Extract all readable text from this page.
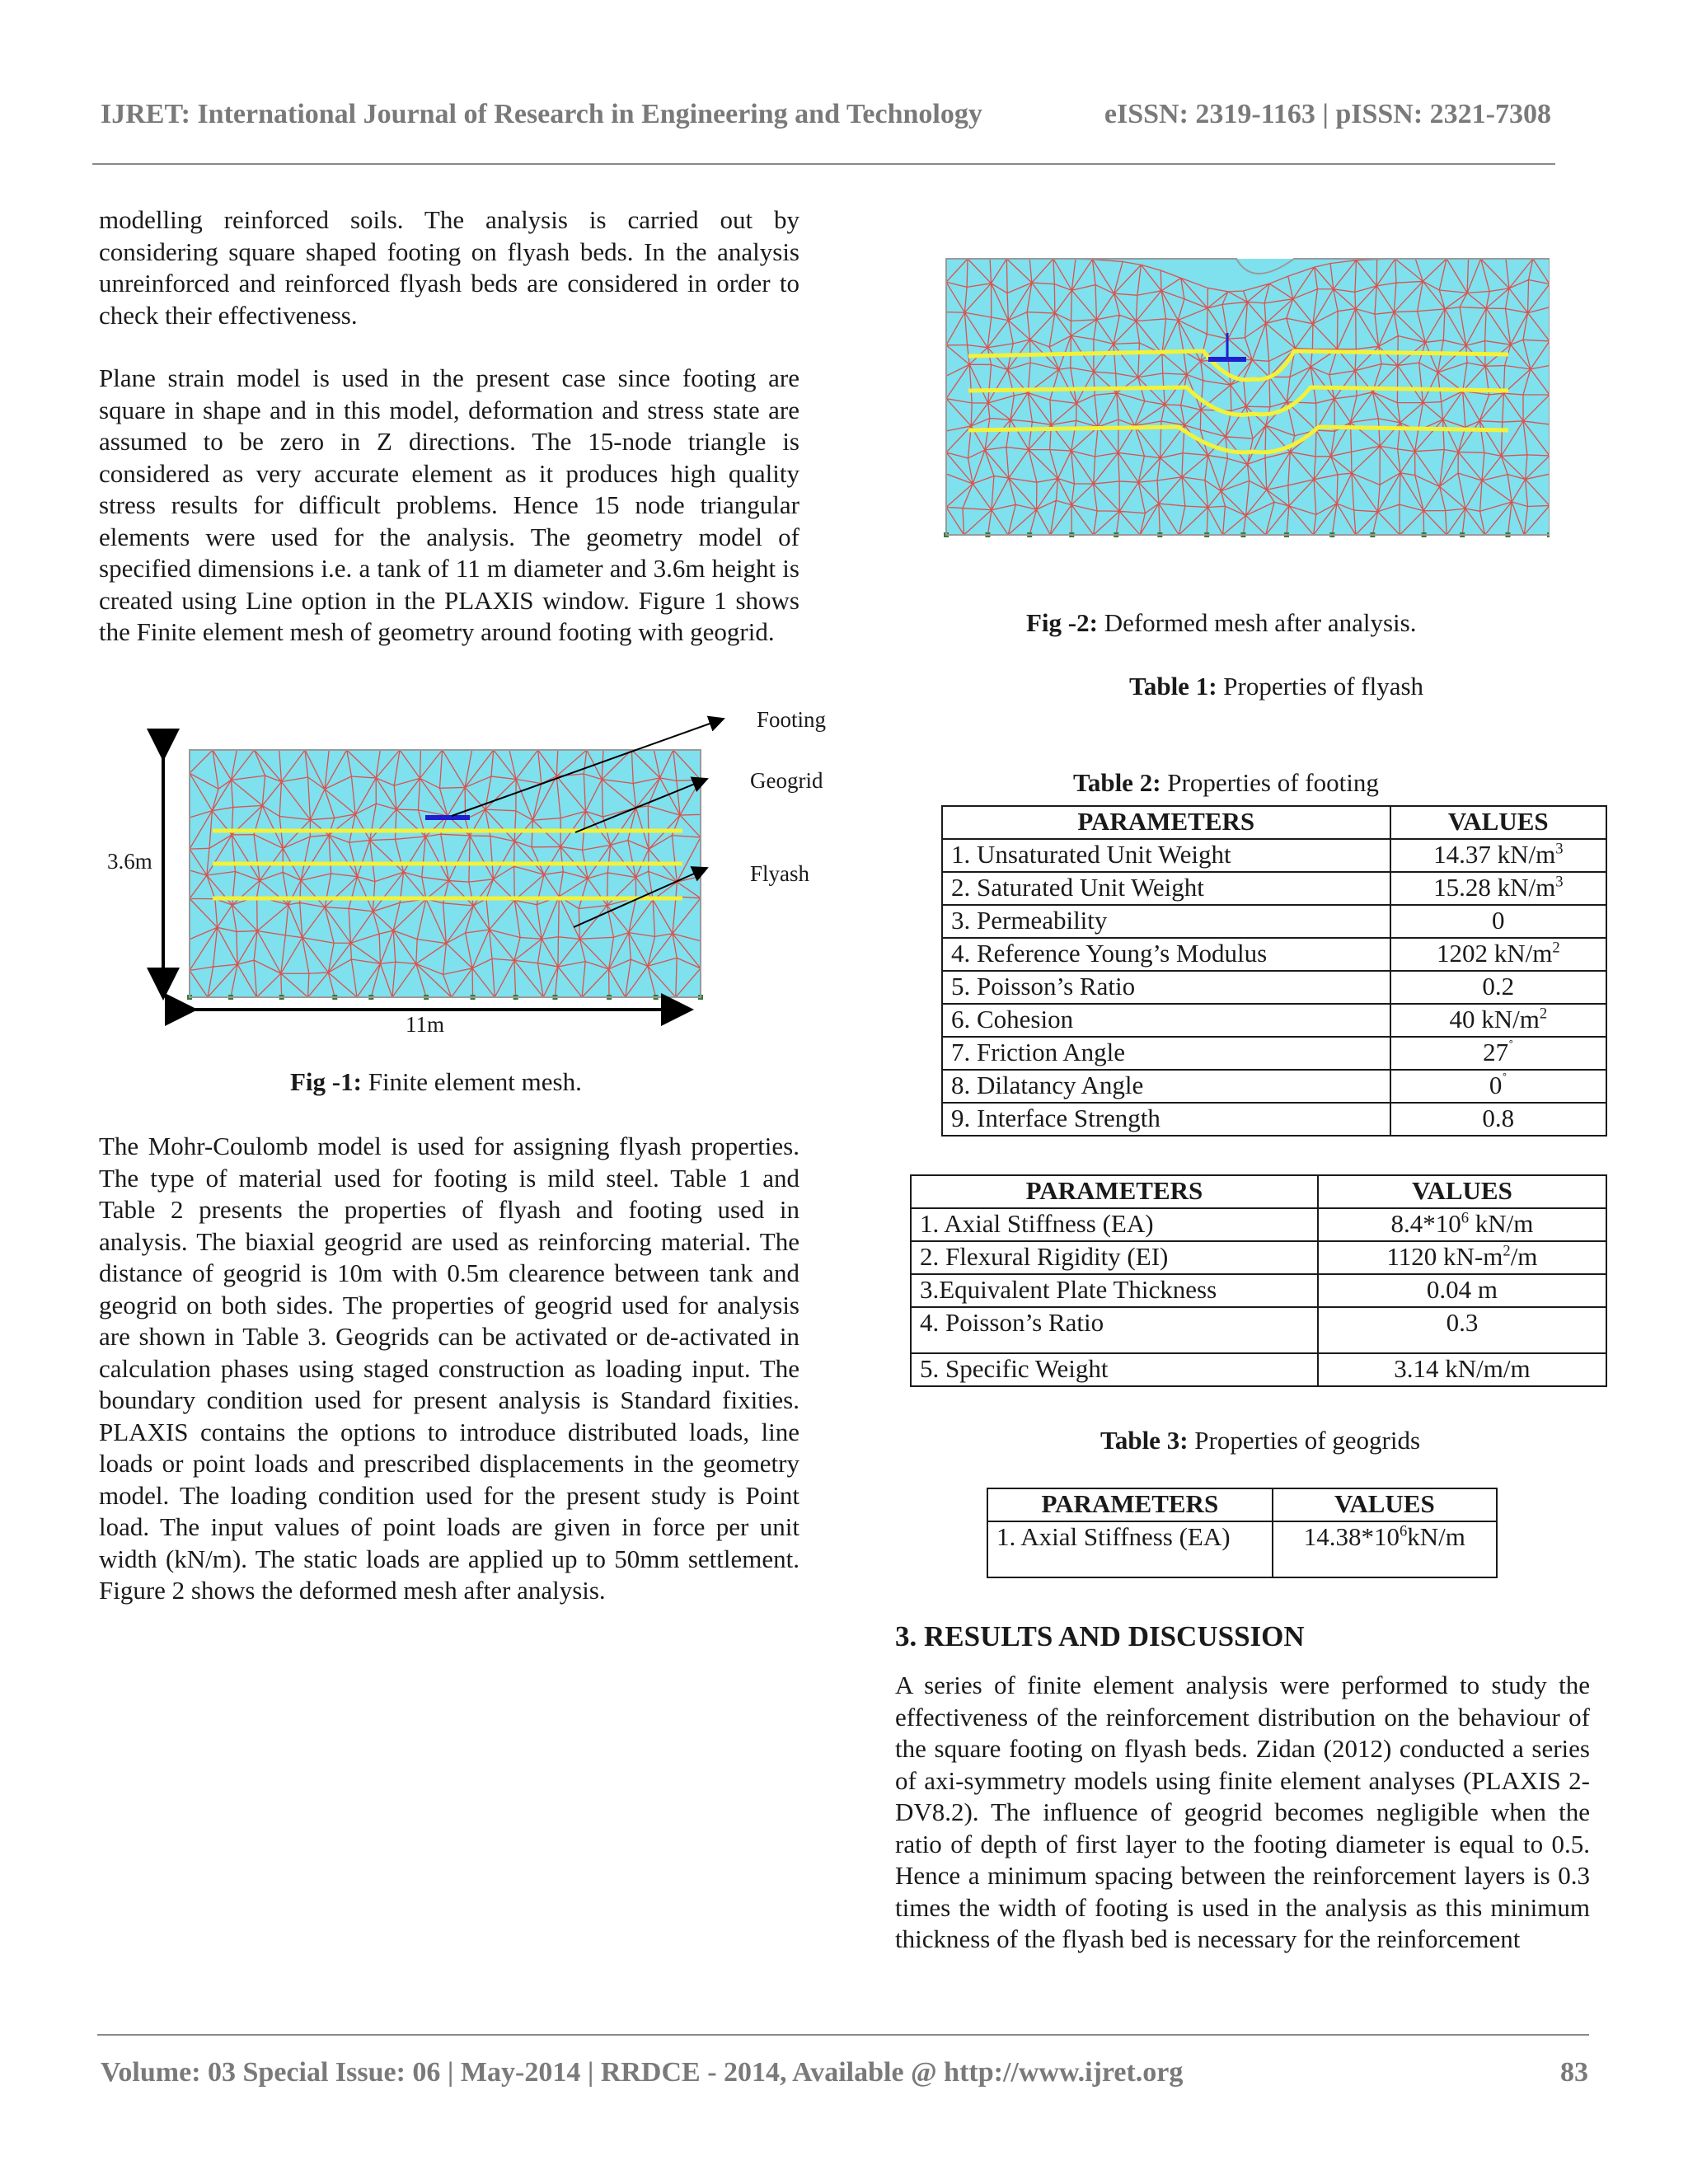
IJRET: International Journal of Research in Engineering and Technology	eISSN: 2319-1163 | pISSN: 2321-7308

modelling reinforced soils. The analysis is carried out by considering square shaped footing on flyash beds. In the analysis unreinforced and reinforced flyash beds are considered in order to check their effectiveness.

Plane strain model is used in the present case since footing are square in shape and in this model, deformation and stress state are assumed to be zero in Z directions. The 15-node triangle is considered as very accurate element as it produces high quality stress results for difficult problems. Hence 15 node triangular elements were used for the analysis. The geometry model of specified dimensions i.e. a tank of 11 m diameter and 3.6m height is created using Line option in the PLAXIS window. Figure 1 shows the Finite element mesh of geometry around footing with geogrid.

Footing
Geogrid
Flyash
3.6m
11m
Fig -1: Finite element mesh.

The Mohr-Coulomb model is used for assigning flyash properties. The type of material used for footing is mild steel. Table 1 and Table 2 presents the properties of flyash and footing used in analysis. The biaxial geogrid are used as reinforcing material. The distance of geogrid is 10m with 0.5m clearence between tank and geogrid on both sides. The properties of geogrid used for analysis are shown in Table 3. Geogrids can be activated or de-activated in calculation phases using staged construction as loading input. The boundary condition used for present analysis is Standard fixities. PLAXIS contains the options to introduce distributed loads, line loads or point loads and prescribed displacements in the geometry model. The loading condition used for the present study is Point load. The input values of point loads are given in force per unit width (kN/m). The static loads are applied up to 50mm settlement. Figure 2 shows the deformed mesh after analysis.

Fig -2: Deformed mesh after analysis.
Table 1: Properties of flyash
Table 2: Properties of footing
PARAMETERS	VALUES
1. Unsaturated Unit Weight	14.37 $kN/m^3$
2. Saturated Unit Weight	15.28 $kN/m^3$
3. Permeability	0
4. Reference Young’s Modulus	1202 $kN/m^2$
5. Poisson’s Ratio	0.2
6. Cohesion	40 $kN/m^2$
7. Friction Angle	27˚
8. Dilatancy Angle	0˚
9. Interface Strength	0.8
PARAMETERS	VALUES
1. Axial Stiffness (EA)	$8.4*10^6$ kN/m
2. Flexural Rigidity (EI)	1120 $kN-m^2/m$
3.Equivalent Plate Thickness	0.04 m
4. Poisson’s Ratio	0.3
5. Specific Weight	3.14 kN/m/m
Table 3: Properties of geogrids
PARAMETERS	VALUES
1. Axial Stiffness (EA)	$14.38*10^6kN/m$
3. RESULTS AND DISCUSSION

A series of finite element analysis were performed to study the effectiveness of the reinforcement distribution on the behaviour of the square footing on flyash beds. Zidan (2012) conducted a series of axi-symmetry models using finite element analyses (PLAXIS 2-DV8.2). The influence of geogrid becomes negligible when the ratio of depth of first layer to the footing diameter is equal to 0.5. Hence a minimum spacing between the reinforcement layers is 0.3 times the width of footing is used in the analysis as this minimum thickness of the flyash bed is necessary for the reinforcement

Volume: 03 Special Issue: 06 | May-2014 | RRDCE - 2014, Available @ http://www.ijret.org	83
